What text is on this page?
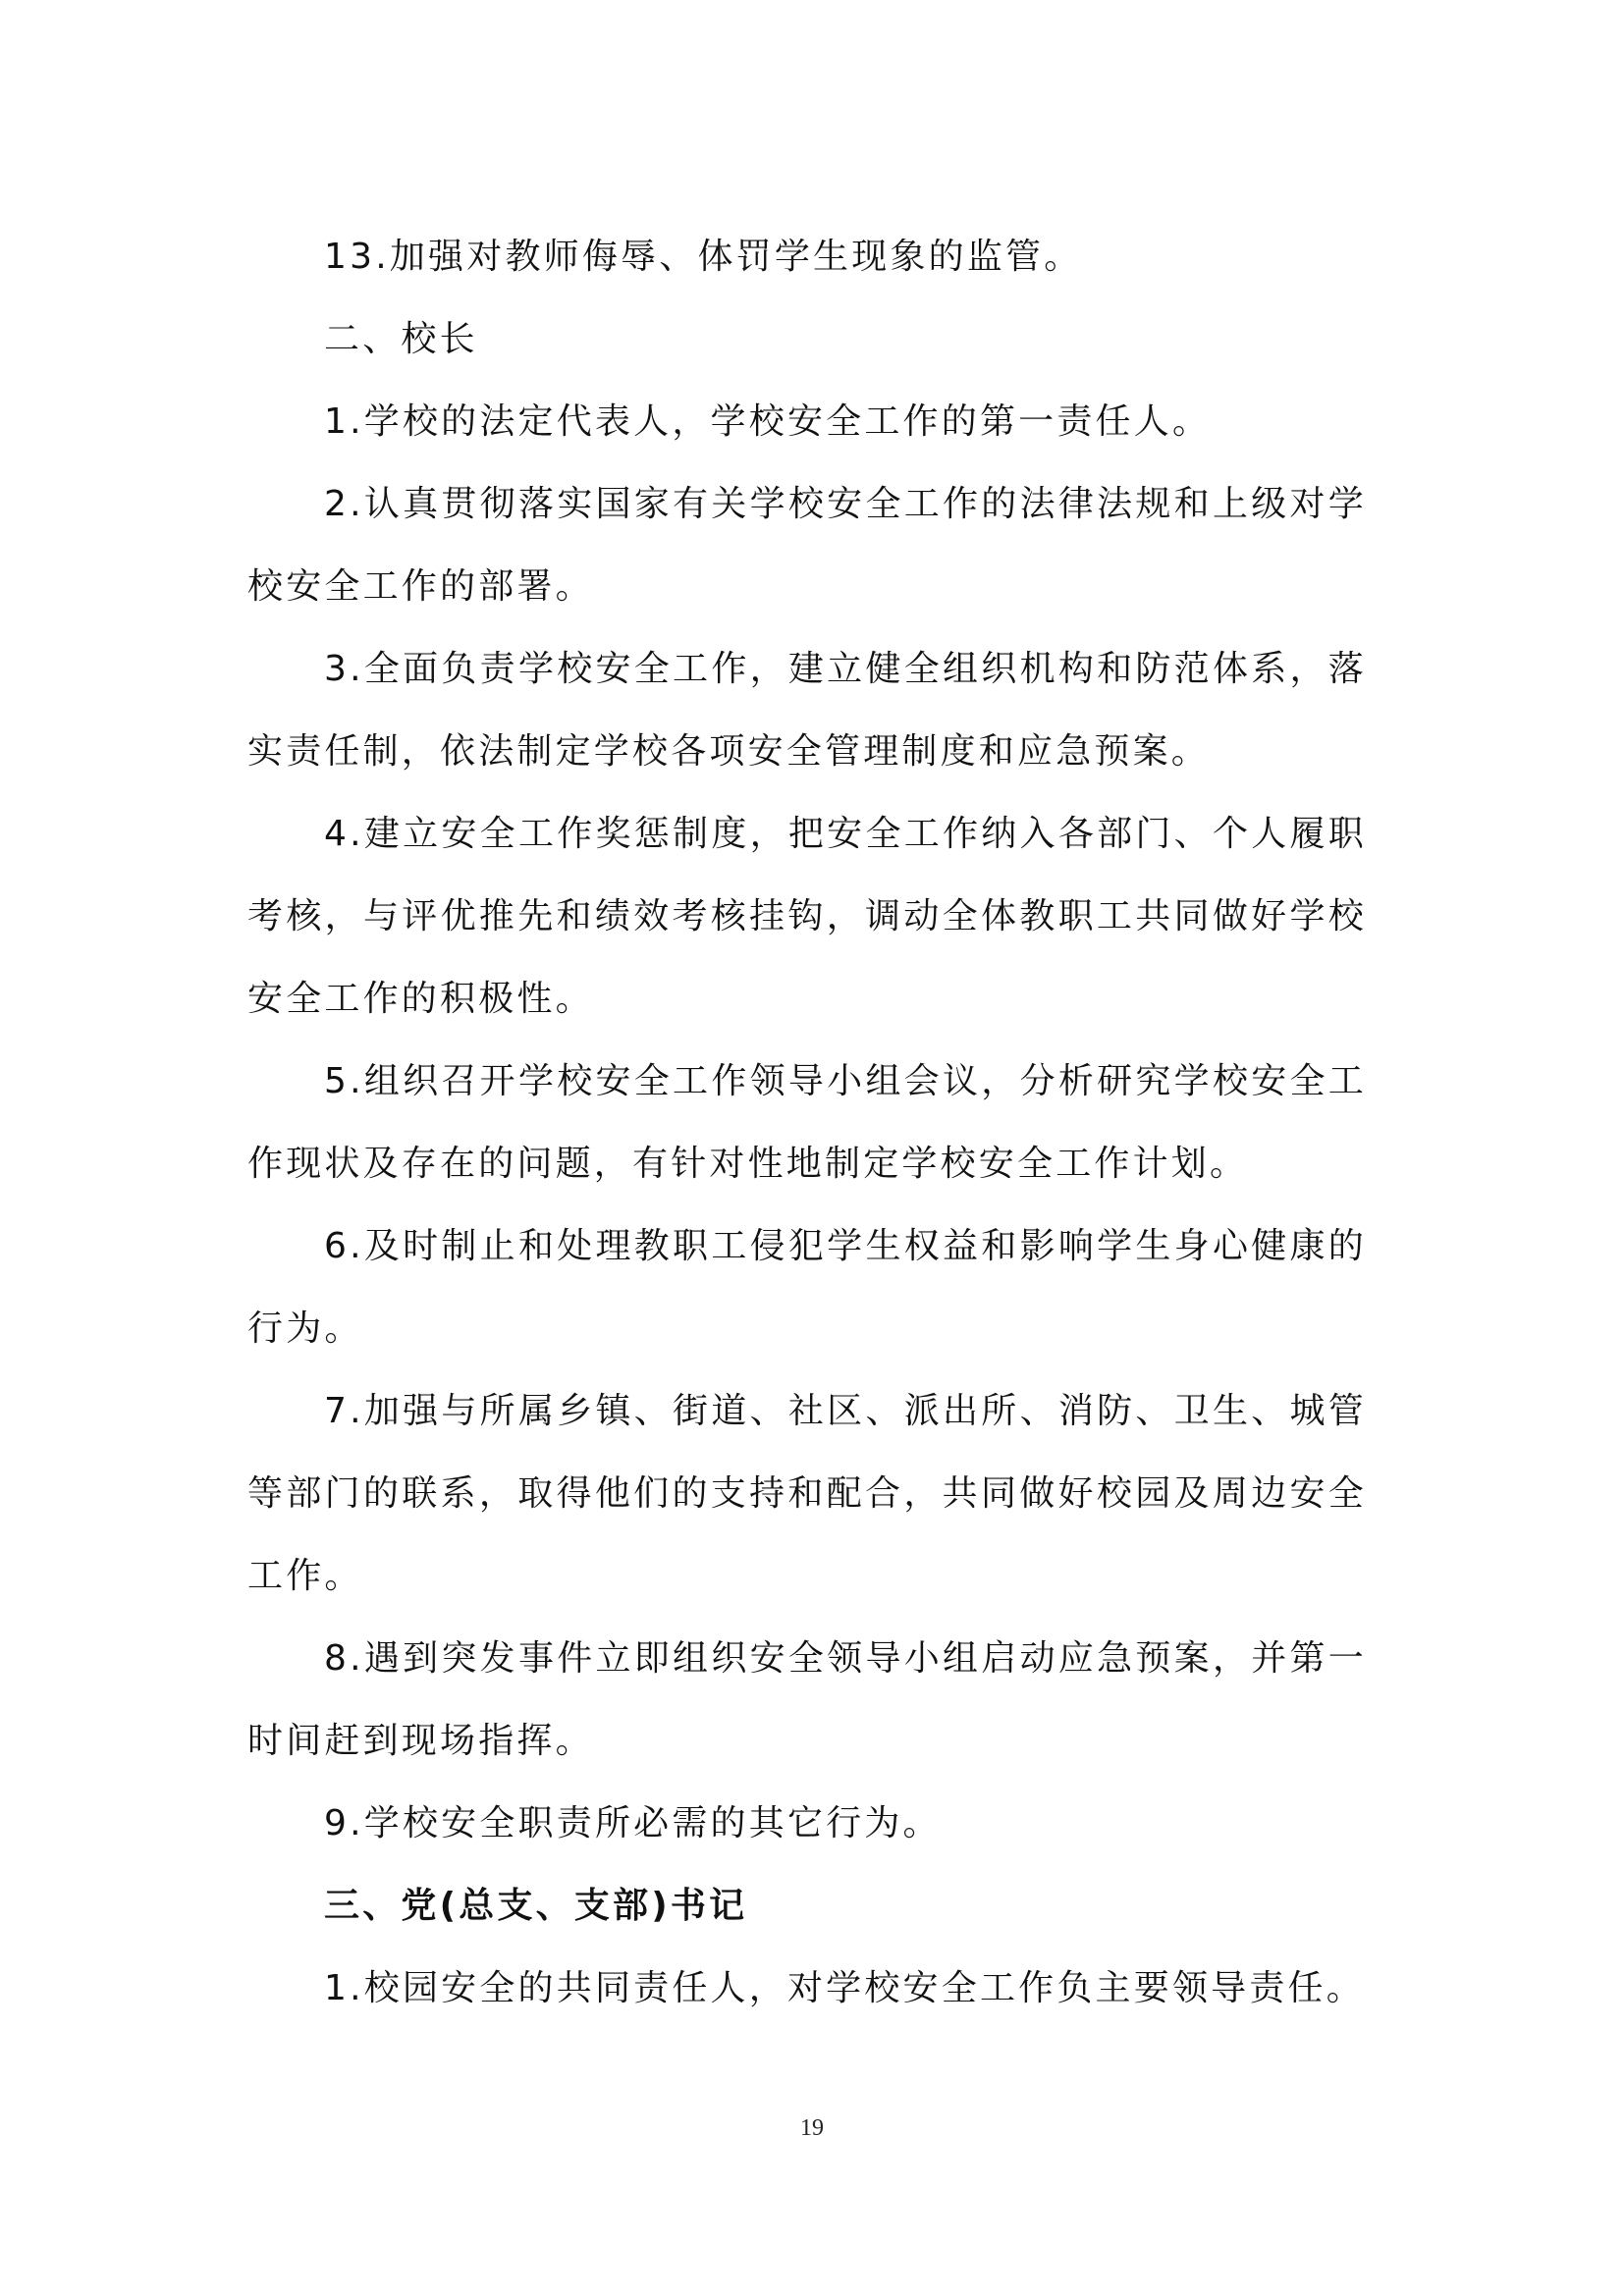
13.加强对教师侮辱、体罚学生现象的监管。

二、校长

1.学校的法定代表人，学校安全工作的第一责任人。

2.认真贯彻落实国家有关学校安全工作的法律法规和上级对学校安全工作的部署。

3.全面负责学校安全工作，建立健全组织机构和防范体系，落实责任制，依法制定学校各项安全管理制度和应急预案。

4.建立安全工作奖惩制度，把安全工作纳入各部门、个人履职考核，与评优推先和绩效考核挂钩，调动全体教职工共同做好学校安全工作的积极性。

5.组织召开学校安全工作领导小组会议，分析研究学校安全工作现状及存在的问题，有针对性地制定学校安全工作计划。

6.及时制止和处理教职工侵犯学生权益和影响学生身心健康的行为。

7.加强与所属乡镇、街道、社区、派出所、消防、卫生、城管等部门的联系，取得他们的支持和配合，共同做好校园及周边安全工作。

8.遇到突发事件立即组织安全领导小组启动应急预案，并第一时间赶到现场指挥。

9.学校安全职责所必需的其它行为。

三、党(总支、支部)书记

1.校园安全的共同责任人，对学校安全工作负主要领导责任。

19
